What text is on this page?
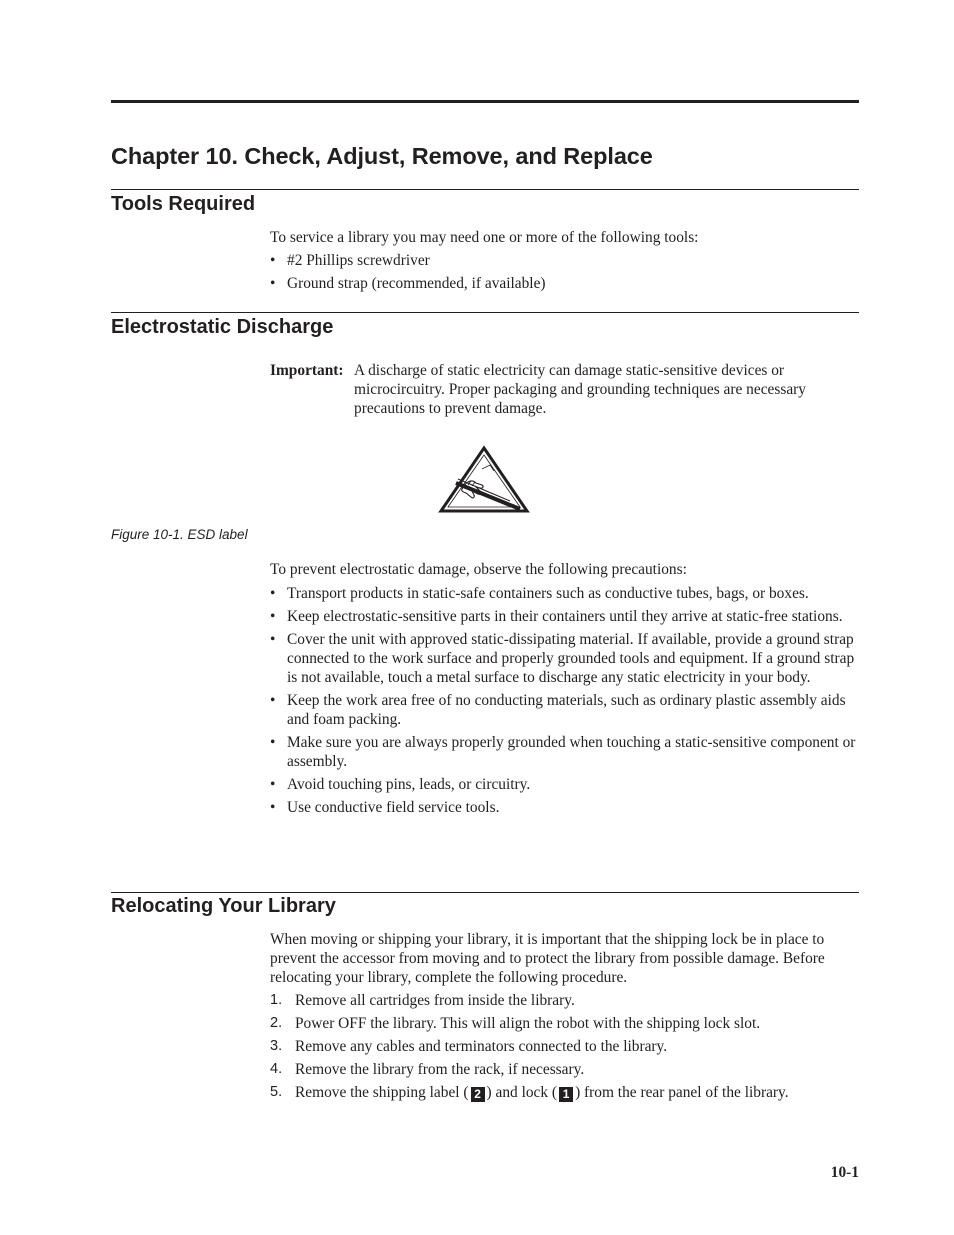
Chapter 10. Check, Adjust, Remove, and Replace
Tools Required

To service a library you may need one or more of the following tools:

• #2 Phillips screwdriver
• Ground strap (recommended, if available)
Electrostatic Discharge
Important: A discharge of static electricity can damage static-sensitive devices or microcircuitry. Proper packaging and grounding techniques are necessary precautions to prevent damage.

Figure 10-1. ESD label

To prevent electrostatic damage, observe the following precautions:

• Transport products in static-safe containers such as conductive tubes, bags, or boxes.
• Keep electrostatic-sensitive parts in their containers until they arrive at static-free stations.
• Cover the unit with approved static-dissipating material. If available, provide a ground strap connected to the work surface and properly grounded tools and equipment. If a ground strap is not available, touch a metal surface to discharge any static electricity in your body.
• Keep the work area free of no conducting materials, such as ordinary plastic assembly aids and foam packing.
• Make sure you are always properly grounded when touching a static-sensitive component or assembly.
• Avoid touching pins, leads, or circuitry.
• Use conductive field service tools.
Relocating Your Library

When moving or shipping your library, it is important that the shipping lock be in place to prevent the accessor from moving and to protect the library from possible damage. Before relocating your library, complete the following procedure.

1. Remove all cartridges from inside the library.
2. Power OFF the library. This will align the robot with the shipping lock slot.
3. Remove any cables and terminators connected to the library.
4. Remove the library from the rack, if necessary.
5. Remove the shipping label ( 2 ) and lock ( 1 ) from the rear panel of the library.
10-1
